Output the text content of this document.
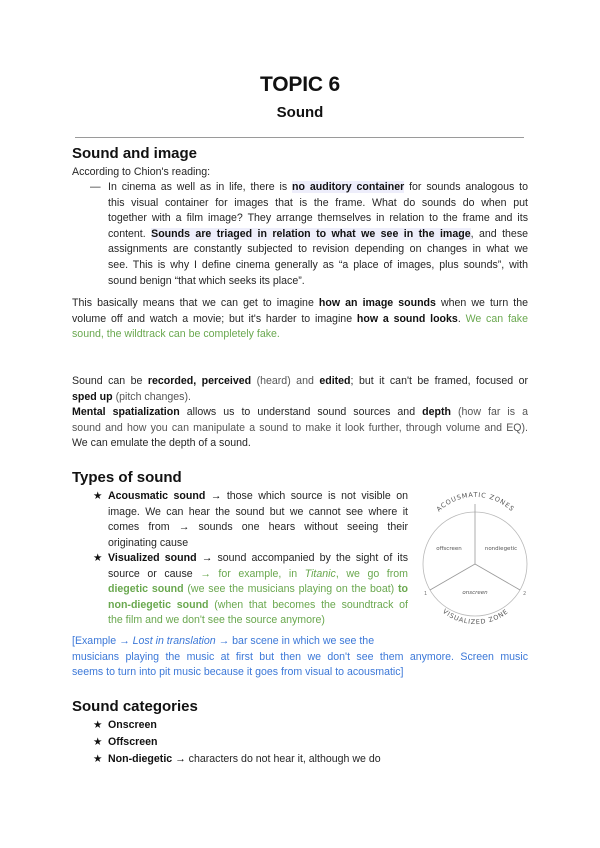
TOPIC 6
Sound
Sound and image
According to Chion's reading:
— In cinema as well as in life, there is no auditory container for sounds analogous to
this visual container for images that is the frame. What do sounds do when put
together with a film image? They arrange themselves in relation to the frame and its
content. Sounds are triaged in relation to what we see in the image, and these
assignments are constantly subjected to revision depending on changes in what we
see. This is why I define cinema generally as “a place of images, plus sounds”, with
sound benign “that which seeks its place”.
This basically means that we can get to imagine how an image sounds when we turn the
volume off and watch a movie; but it's harder to imagine how a sound looks. We can fake
sound, the wildtrack can be completely fake.
Sound can be recorded, perceived (heard) and edited; but it can't be framed, focused or
sped up (pitch changes).
Mental spatialization allows us to understand sound sources and depth (how far is a
sound and how you can manipulate a sound to make it look further, through volume and EQ).
We can emulate the depth of a sound.
Types of sound
★ Acousmatic sound → those which source is not visible on
image. We can hear the sound but we cannot see where it
comes from → sounds one hears without seeing their
originating cause
★ Visualized sound → sound accompanied by the sight of its
source or cause → for example, in Titanic, we go from
diegetic sound (we see the musicians playing on the boat) to
non-diegetic sound (when that becomes the soundtrack of
the film and we don't see the source anymore)
ACOUSMATIC ZONES
VISUALIZED ZONE
offscreen	nondiegetic
onscreen
1	2
[Example → Lost in translation → bar scene in which we see the
musicians playing the music at first but then we don't see them anymore. Screen music
seems to turn into pit music because it goes from visual to acousmatic]
Sound categories
★ Onscreen
★ Offscreen
★ Non-diegetic → characters do not hear it, although we do
